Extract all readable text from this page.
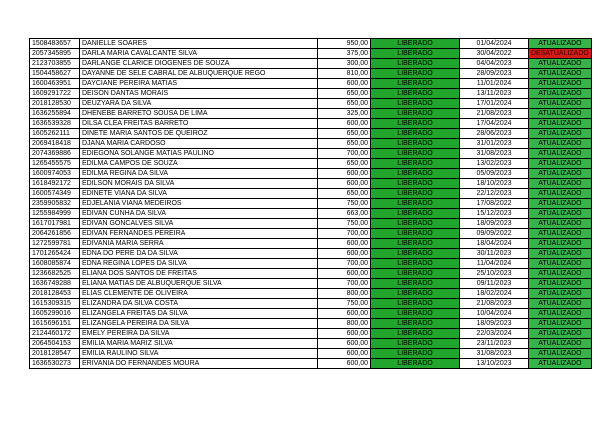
1508483657	DANIELLE SOARES	950,00	LIBERADO	01/04/2024	ATUALIZADO
2057345895	DARLA MARIA CAVALCANTE SILVA	375,00	LIBERADO	30/04/2022	DESATUALIZADO
2123703855	DARLANGE CLARICE DIOGENES DE SOUZA	300,00	LIBERADO	04/04/2023	ATUALIZADO
1504458627	DAYANNE DE SELE CABRAL DE ALBUQUERQUE REGO	810,00	LIBERADO	28/09/2023	ATUALIZADO
1600463951	DAYCIANE PEREIRA MATIAS	600,00	LIBERADO	11/01/2024	ATUALIZADO
1609291722	DEISON DANTAS MORAIS	650,00	LIBERADO	13/11/2023	ATUALIZADO
2018128530	DEUZYARA DA SILVA	650,00	LIBERADO	17/01/2024	ATUALIZADO
1636255894	DHENEBE BARRETO SOUSA DE LIMA	325,00	LIBERADO	21/08/2023	ATUALIZADO
1636539328	DILSA CLEA FREITAS BARRETO	600,00	LIBERADO	17/04/2024	ATUALIZADO
1605262111	DINETE MARIA SANTOS DE QUEIROZ	650,00	LIBERADO	28/06/2023	ATUALIZADO
2069418418	DJANA MARIA CARDOSO	650,00	LIBERADO	31/01/2023	ATUALIZADO
2074369886	EDIEGONA SOLANGE MATIAS PAULINO	700,00	LIBERADO	31/08/2023	ATUALIZADO
1265455575	EDILMA CAMPOS DE SOUZA	650,00	LIBERADO	13/02/2023	ATUALIZADO
1600974053	EDILMA REGINA DA SILVA	600,00	LIBERADO	05/09/2023	ATUALIZADO
1618492172	EDILSON MORAIS DA SILVA	600,00	LIBERADO	18/10/2023	ATUALIZADO
1600574349	EDINETE VIANA DA SILVA	650,00	LIBERADO	22/12/2023	ATUALIZADO
2359905832	EDJELANIA VIANA MEDEIROS	750,00	LIBERADO	17/08/2022	ATUALIZADO
1255984999	EDIVAN CUNHA DA SILVA	663,00	LIBERADO	15/12/2023	ATUALIZADO
1617017981	EDIVAN GONCALVES SILVA	750,00	LIBERADO	18/09/2023	ATUALIZADO
2064261856	EDIVAN FERNANDES PEREIRA	700,00	LIBERADO	09/09/2022	ATUALIZADO
1272599781	EDIVANIA MARIA SERRA	600,00	LIBERADO	18/04/2024	ATUALIZADO
1701265424	EDNA DO PERE DA DA SILVA	600,00	LIBERADO	30/11/2023	ATUALIZADO
1608085874	EDNA REGINA LOPES DA SILVA	700,00	LIBERADO	11/04/2024	ATUALIZADO
1236682525	ELIANA DOS SANTOS DE FREITAS	600,00	LIBERADO	25/10/2023	ATUALIZADO
1636749288	ELIANA MATIAS DE ALBUQUERQUE SILVA	700,00	LIBERADO	09/11/2023	ATUALIZADO
2018128453	ELIAS CLEMENTE DE OLIVEIRA	800,00	LIBERADO	18/02/2024	ATUALIZADO
1615309315	ELIZANDRA DA SILVA COSTA	750,00	LIBERADO	21/08/2023	ATUALIZADO
1605299016	ELIZANGELA FREITAS DA SILVA	600,00	LIBERADO	10/04/2024	ATUALIZADO
1615696151	ELIZANGELA PEREIRA DA SILVA	800,00	LIBERADO	18/09/2023	ATUALIZADO
2124460172	EMELY PEREIRA DA SILVA	600,00	LIBERADO	22/03/2024	ATUALIZADO
2064504153	EMILIA MARIA MARIZ SILVA	600,00	LIBERADO	23/11/2023	ATUALIZADO
2018128547	EMILIA RAULINO SILVA	600,00	LIBERADO	31/08/2023	ATUALIZADO
1636530273	ERIVANIA DO FERNANDES MOURA	600,00	LIBERADO	13/10/2023	ATUALIZADO
